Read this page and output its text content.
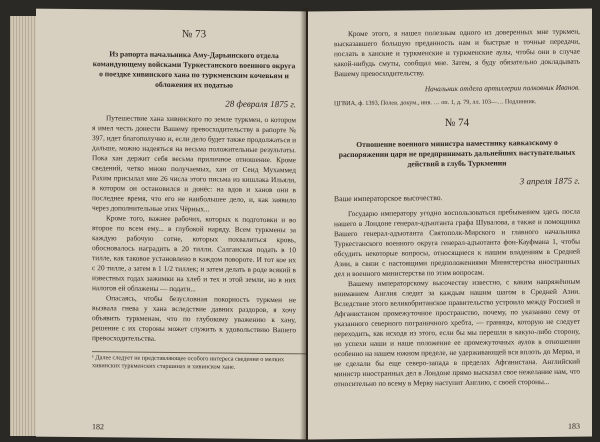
№ 73
Из рапорта начальника Аму-Дарьинского отдела командующему войсками Туркестанского военного округа о поездке хивинского хана по туркменским кочевьям и обложения их податью
28 февраля 1875 г.

Путешествие хана хивинского по земле туркмен, о котором я имел честь донести Вашему превосходительству в рапорте № 397, идет благополучно и, если дело будет также продолжаться и дальше, можно надеяться на весьма положительные результаты. Пока хан держит себя весьма приличное отношение. Кроме сведений, четко мною получаемых, хан от Сеид Мухаммед Рахим присылал мне 26 числа этого письма из кишлака Ильяли, в котором он остановился и донёс: на вдов и ханов они в последнее время, что его не наибольшее дело, и, как заявило через дополнительные этих Чёрных...

Кроме того, важнее рабочих, которых к подготовки и во второе по всем ему... в глубокой наряду. Всем туркмены за каждую рабочую сотне, которых похвалиться кровь, обосновалось наградить в 20 тилли. Салганская подать в 10 тилле, как таковое установлено в каждом повороте. И тот кое их с 20 тилле, а затем в 1 1/2 тиллек; и затем делать в роде всякий в известных годах зажимки на хлеб и тех и этой земли, но в них налогов ей облажены — подати...

Опасаясь, чтобы безусловная покорность туркмен не вызвала гнева у хана вследствие давних раздоров, я хочу объявить туркменам, что по глубокому уважению к хану, решение с их стороны может служить к удовольствию Вашего превосходительства.

¹ Далее следует не представляющее особого интереса сведения о мелких хивинских туркменских старшинах и хивинском хане.
182

Кроме этого, я нашел полезным одного из доверенных мне туркмен, высказавшего большую преданность нам и быстрые и точные передачи, послать в ханские и туркменские и туркменские аулы, чтобы они в случае какой-нибудь смуты, сообщал мне. Затем, я буду обязательно докладывать Вашему превосходительству.

Начальник отдела артиллерии полковник Иванов.
ЦГВИА, ф. 1393, Полев. докум., инв. … оп. 1, д. 79, лл. 103—… Подлинник.
№ 74
Отношение военного министра наместнику кавказскому о распоряжении царя не предпринимать дальнейших наступательных действий в глубь Туркмении
3 апреля 1875 г.
Ваше императорское высочество.

Государю императору угодно воспользоваться пребыванием здесь посла нашего в Лондоне генерал-адъютанта графа Шувалова, а также и помощника Вашего генерал-адъютанта Святополк-Мирского и главного начальника Туркестанского военного округа генерал-адъютанта фон-Кауфмана 1, чтобы обсудить некоторые вопросы, относящиеся к нашим владениям в Средней Азии, в связи с настоящими предположениями Министерства иностранных дел и военного министерства по этим вопросам.

Вашему императорскому высочеству известно, с каким напряжённым вниманием Англия следит за каждым нашим шагом в Средней Азии. Вследствие этого великобританское правительство устроило между Россией и Афганистаном промежуточное пространство, почему, по указанию сему от указанного северного пограничного хребта, — границы, которую не следует переходить, как исходя из этого, если бы мы перешли в какую-либо сторону, но успехи наши и наше положение ее промежуточных аулов в отношении особенно на нашем южном пределе, не удерживающей вся вплоть до Мерва, и не сделали бы еще северо-запада в пределах Афганистана. Английский министр иностранных дел в Лондоне прямо высказал свое нежелание нам, что относительно по всему в Мерву наступит Англию, с своей стороны...

183
